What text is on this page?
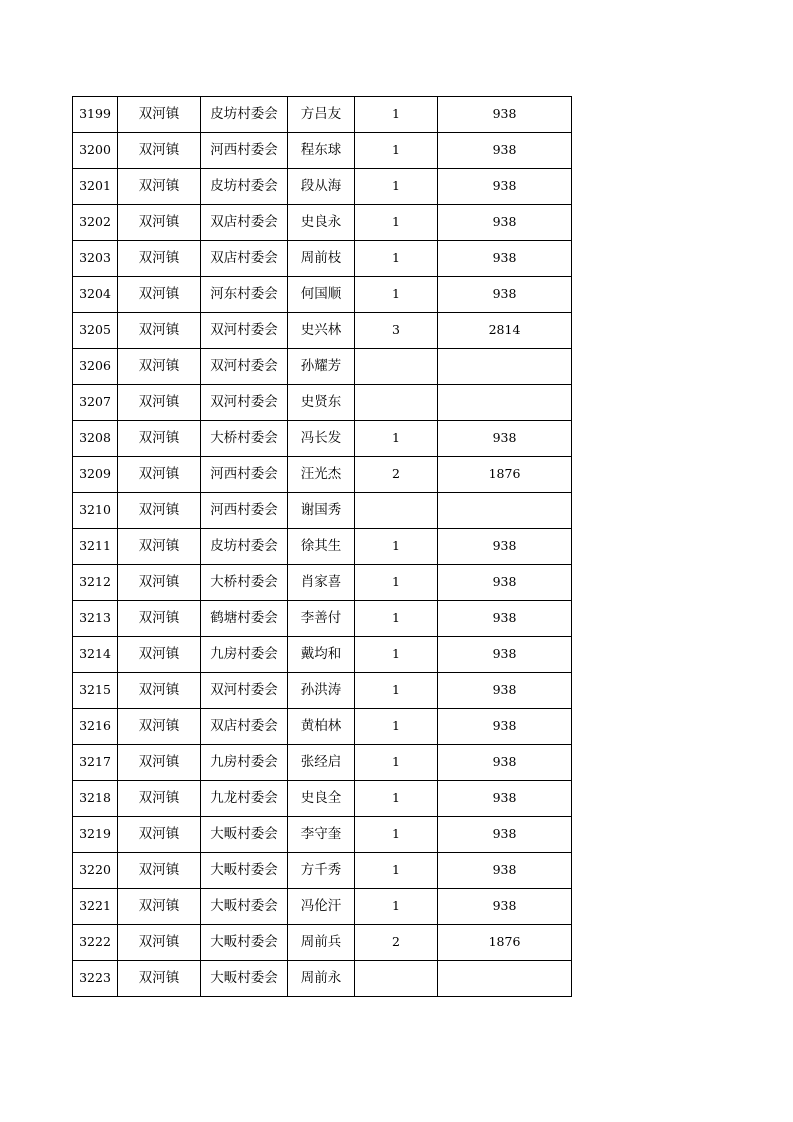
3199	双河镇	皮坊村委会	方吕友	1	938
3200	双河镇	河西村委会	程东球	1	938
3201	双河镇	皮坊村委会	段从海	1	938
3202	双河镇	双店村委会	史良永	1	938
3203	双河镇	双店村委会	周前枝	1	938
3204	双河镇	河东村委会	何国顺	1	938
3205	双河镇	双河村委会	史兴林	3	2814
3206	双河镇	双河村委会	孙耀芳		
3207	双河镇	双河村委会	史贤东		
3208	双河镇	大桥村委会	冯长发	1	938
3209	双河镇	河西村委会	汪光杰	2	1876
3210	双河镇	河西村委会	谢国秀		
3211	双河镇	皮坊村委会	徐其生	1	938
3212	双河镇	大桥村委会	肖家喜	1	938
3213	双河镇	鹤塘村委会	李善付	1	938
3214	双河镇	九房村委会	戴均和	1	938
3215	双河镇	双河村委会	孙洪涛	1	938
3216	双河镇	双店村委会	黄柏林	1	938
3217	双河镇	九房村委会	张经启	1	938
3218	双河镇	九龙村委会	史良全	1	938
3219	双河镇	大畈村委会	李守奎	1	938
3220	双河镇	大畈村委会	方千秀	1	938
3221	双河镇	大畈村委会	冯伦汗	1	938
3222	双河镇	大畈村委会	周前兵	2	1876
3223	双河镇	大畈村委会	周前永		
